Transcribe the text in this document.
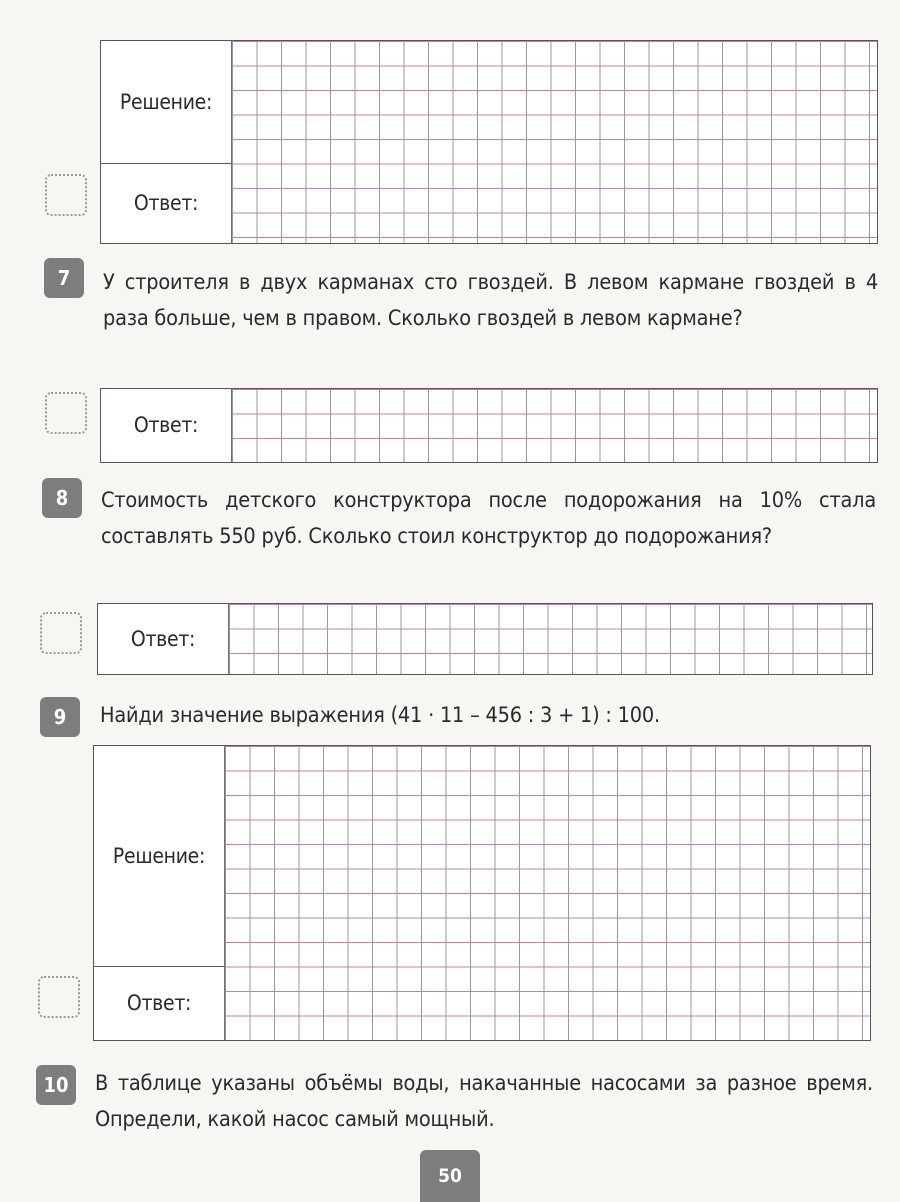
Решение:
Ответ:
7	У строителя в двух карманах сто гвоздей. В левом кармане гвоздей в 4 раза больше, чем в правом. Сколько гвоздей в левом кармане?
Ответ:
8	Стоимость детского конструктора после подорожания на 10% стала составлять 550 руб. Сколько стоил конструктор до подорожания?
Ответ:
9	Найди значение выражения (41 · 11 – 456 : 3 + 1) : 100.
Решение:
Ответ:
10	В таблице указаны объёмы воды, накачанные насосами за разное время. Определи, какой насос самый мощный.
50
